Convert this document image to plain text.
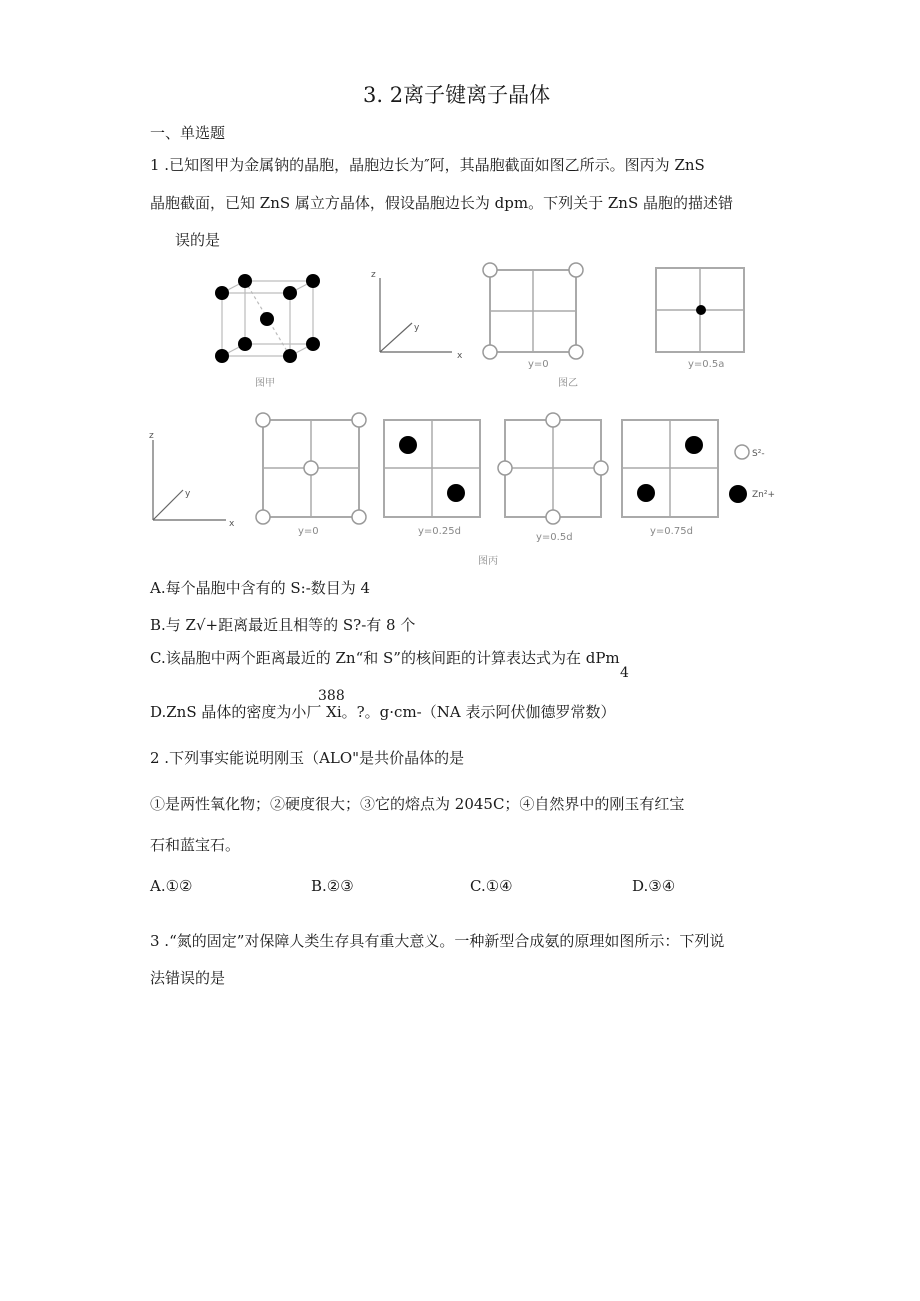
3. 2离子键离子晶体
一、单选题
1 .已知图甲为金属钠的晶胞，晶胞边长为″阿，其晶胞截面如图乙所示。图丙为 ZnS
晶胞截面，已知 ZnS 属立方晶体，假设晶胞边长为 dpm。下列关于 ZnS 晶胞的描述错
误的是
图甲
z
x
y
y=0
图乙
y=0.5a
z
x
y
y=0	y=0.25d
y=0.5d
y=0.75d
图丙
S²-
Zn²+
A.每个晶胞中含有的 S:-数目为 4
B.与 Z√+距离最近且相等的 S?-有 8 个
C.该晶胞中两个距离最近的 Zn“和 S”的核间距的计算表达式为在 dPm
4
388
D.ZnS 晶体的密度为小厂 Xi。?。g·cm-（NA 表示阿伏伽德罗常数）
2 .下列事实能说明刚玉（ALO"是共价晶体的是
①是两性氧化物；②硬度很大；③它的熔点为 2045C；④自然界中的刚玉有红宝
石和蓝宝石。
A.①②	B.②③	C.①④	D.③④
3 .“氮的固定”对保障人类生存具有重大意义。一种新型合成氨的原理如图所示：下列说
法错误的是
